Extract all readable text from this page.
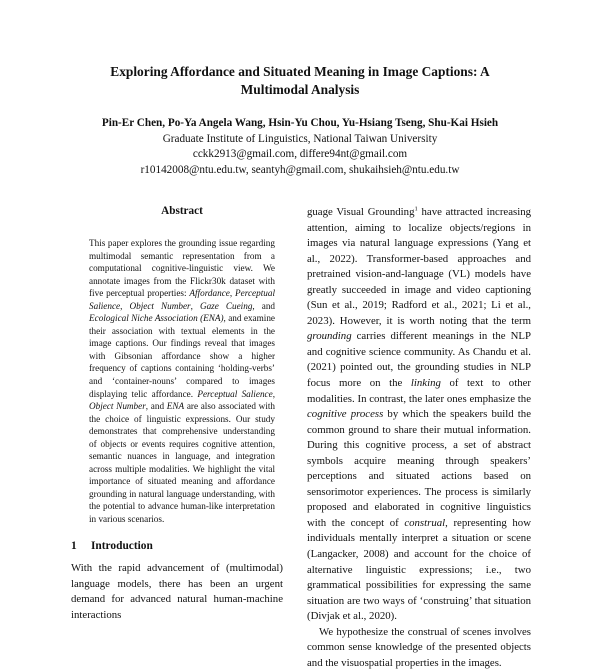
Exploring Affordance and Situated Meaning in Image Captions: A
Multimodal Analysis
Pin-Er Chen, Po-Ya Angela Wang, Hsin-Yu Chou, Yu-Hsiang Tseng, Shu-Kai Hsieh
Graduate Institute of Linguistics, National Taiwan University
cckk2913@gmail.com, differe94nt@gmail.com
r10142008@ntu.edu.tw, seantyh@gmail.com, shukaihsieh@ntu.edu.tw
Abstract
This paper explores the grounding issue regarding multimodal semantic representation from a computational cognitive-linguistic view. We annotate images from the Flickr30k dataset with five perceptual properties: Affordance, Perceptual Salience, Object Number, Gaze Cueing, and Ecological Niche Association (ENA), and examine their association with textual elements in the image captions. Our findings reveal that images with Gibsonian affordance show a higher frequency of captions containing ‘holding-verbs’ and ‘container-nouns’ compared to images displaying telic affordance. Perceptual Salience, Object Number, and ENA are also associated with the choice of linguistic expressions. Our study demonstrates that comprehensive understanding of objects or events requires cognitive attention, semantic nuances in language, and integration across multiple modalities. We highlight the vital importance of situated meaning and affordance grounding in natural language understanding, with the potential to advance human-like interpretation in various scenarios.
1 Introduction
With the rapid advancement of (multimodal) language models, there has been an urgent demand for advanced natural human-machine interactions

guage Visual Grounding$^1$ have attracted increasing attention, aiming to localize objects/regions in images via natural language expressions (Yang et al., 2022). Transformer-based approaches and pretrained vision-and-language (VL) models have greatly succeeded in image and video captioning (Sun et al., 2019; Radford et al., 2021; Li et al., 2023). However, it is worth noting that the term grounding carries different meanings in the NLP and cognitive science community. As Chandu et al. (2021) pointed out, the grounding studies in NLP focus more on the linking of text to other modalities. In contrast, the later ones emphasize the cognitive process by which the speakers build the common ground to share their mutual information. During this cognitive process, a set of abstract symbols acquire meaning through speakers’ perceptions and situated actions based on sensorimotor experiences. The process is similarly proposed and elaborated in cognitive linguistics with the concept of construal, representing how individuals mentally interpret a situation or scene (Langacker, 2008) and account for the choice of alternative linguistic expressions; i.e., two grammatical possibilities for expressing the same situation are two ways of ‘construing’ that situation (Divjak et al., 2020).

We hypothesize the construal of scenes involves common sense knowledge of the presented objects and the visuospatial properties in the images.
